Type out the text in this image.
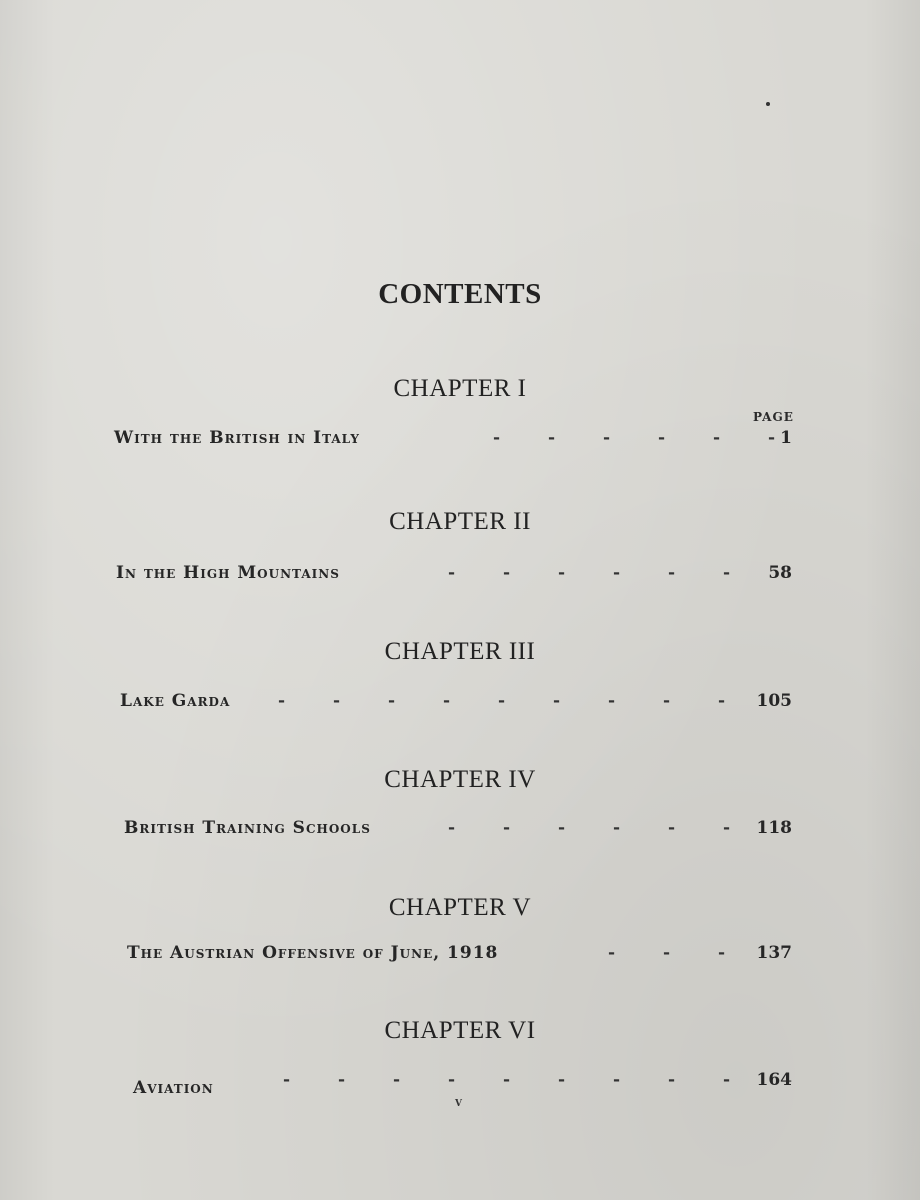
CONTENTS
CHAPTER I
PAGE
With the British in Italy	-	-	-	-	-	- 1
CHAPTER II
In the High Mountains	-	-	-	-	-	- 58
CHAPTER III
Lake Garda	-	-	-	-	-	-	-	-	- 105
CHAPTER IV
British Training Schools	-	-	-	-	-	- 118
CHAPTER V
The Austrian Offensive of June, 1918	-	-	- 137
CHAPTER VI
Aviation	-	-	-	-	-	-	-	-	- 164
v
